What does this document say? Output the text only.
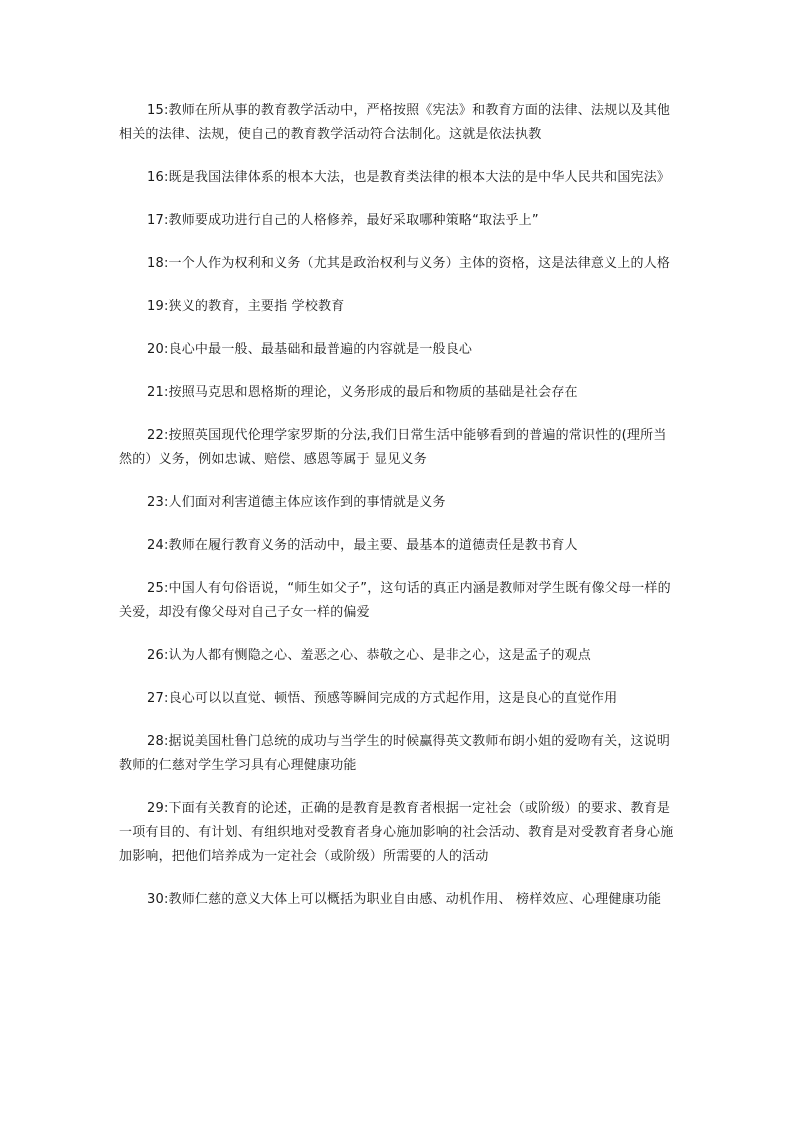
15:教师在所从事的教育教学活动中，严格按照《宪法》和教育方面的法律、法规以及其他相关的法律、法规，使自己的教育教学活动符合法制化。这就是依法执教

16:既是我国法律体系的根本大法，也是教育类法律的根本大法的是中华人民共和国宪法》

17:教师要成功进行自己的人格修养，最好采取哪种策略“取法乎上”

18:一个人作为权利和义务（尤其是政治权利与义务）主体的资格，这是法律意义上的人格

19:狭义的教育，主要指 学校教育

20:良心中最一般、最基础和最普遍的内容就是一般良心

21:按照马克思和恩格斯的理论，义务形成的最后和物质的基础是社会存在

22:按照英国现代伦理学家罗斯的分法,我们日常生活中能够看到的普遍的常识性的(理所当然的）义务，例如忠诚、赔偿、感恩等属于 显见义务

23:人们面对利害道德主体应该作到的事情就是义务

24:教师在履行教育义务的活动中，最主要、最基本的道德责任是教书育人

25:中国人有句俗语说，“师生如父子”，这句话的真正内涵是教师对学生既有像父母一样的关爱，却没有像父母对自己子女一样的偏爱

26:认为人都有恻隐之心、羞恶之心、恭敬之心、是非之心，这是孟子的观点

27:良心可以以直觉、顿悟、预感等瞬间完成的方式起作用，这是良心的直觉作用

28:据说美国杜鲁门总统的成功与当学生的时候赢得英文教师布朗小姐的爱吻有关，这说明教师的仁慈对学生学习具有心理健康功能

29:下面有关教育的论述，正确的是教育是教育者根据一定社会（或阶级）的要求、教育是一项有目的、有计划、有组织地对受教育者身心施加影响的社会活动、教育是对受教育者身心施加影响，把他们培养成为一定社会（或阶级）所需要的人的活动

30:教师仁慈的意义大体上可以概括为职业自由感、动机作用、 榜样效应、心理健康功能
